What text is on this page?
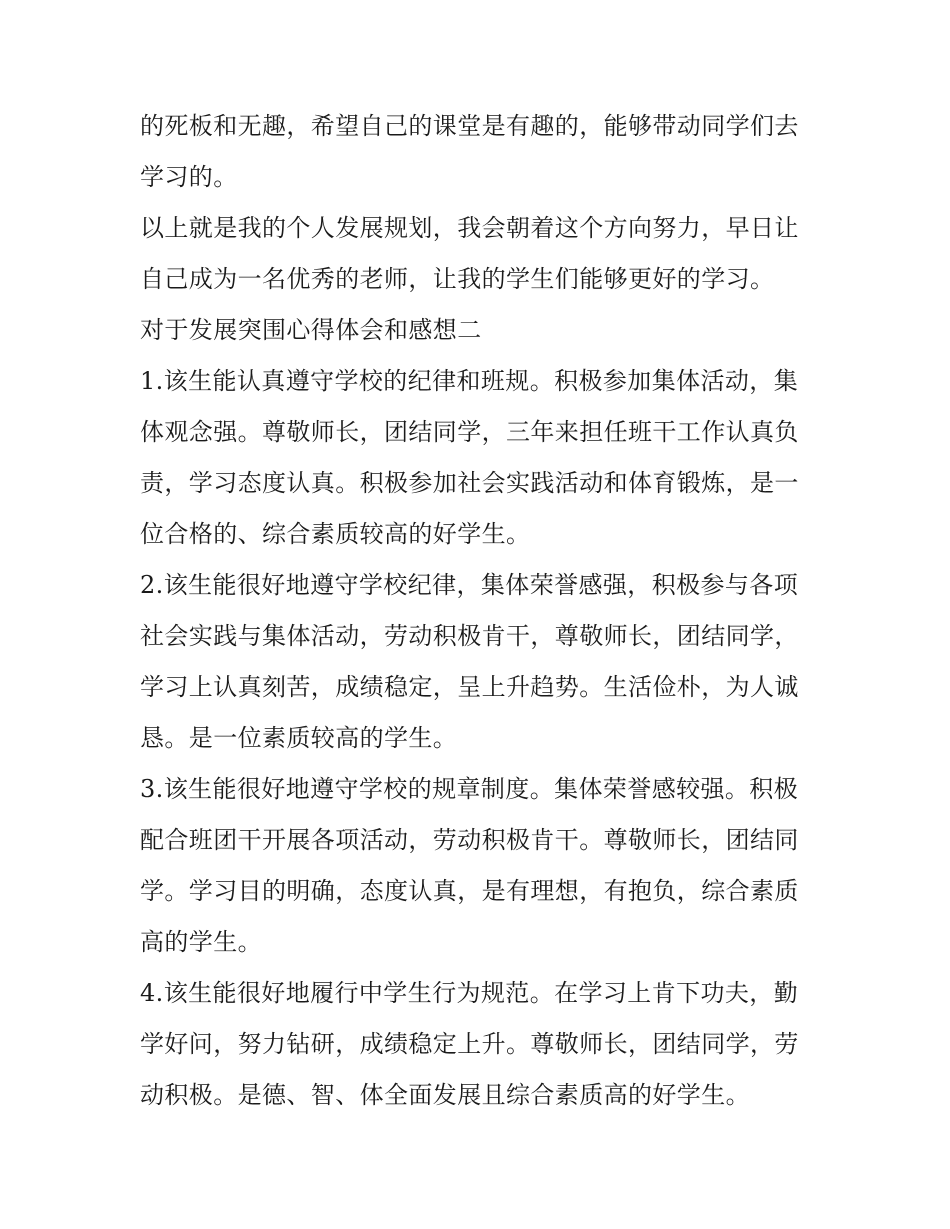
的死板和无趣，希望自己的课堂是有趣的，能够带动同学们去
学习的。
以上就是我的个人发展规划，我会朝着这个方向努力，早日让
自己成为一名优秀的老师，让我的学生们能够更好的学习。
对于发展突围心得体会和感想二
1.该生能认真遵守学校的纪律和班规。积极参加集体活动，集
体观念强。尊敬师长，团结同学，三年来担任班干工作认真负
责，学习态度认真。积极参加社会实践活动和体育锻炼，是一
位合格的、综合素质较高的好学生。
2.该生能很好地遵守学校纪律，集体荣誉感强，积极参与各项
社会实践与集体活动，劳动积极肯干，尊敬师长，团结同学，
学习上认真刻苦，成绩稳定，呈上升趋势。生活俭朴，为人诚
恳。是一位素质较高的学生。
3.该生能很好地遵守学校的规章制度。集体荣誉感较强。积极
配合班团干开展各项活动，劳动积极肯干。尊敬师长，团结同
学。学习目的明确，态度认真，是有理想，有抱负，综合素质
高的学生。
4.该生能很好地履行中学生行为规范。在学习上肯下功夫，勤
学好问，努力钻研，成绩稳定上升。尊敬师长，团结同学，劳
动积极。是德、智、体全面发展且综合素质高的好学生。
